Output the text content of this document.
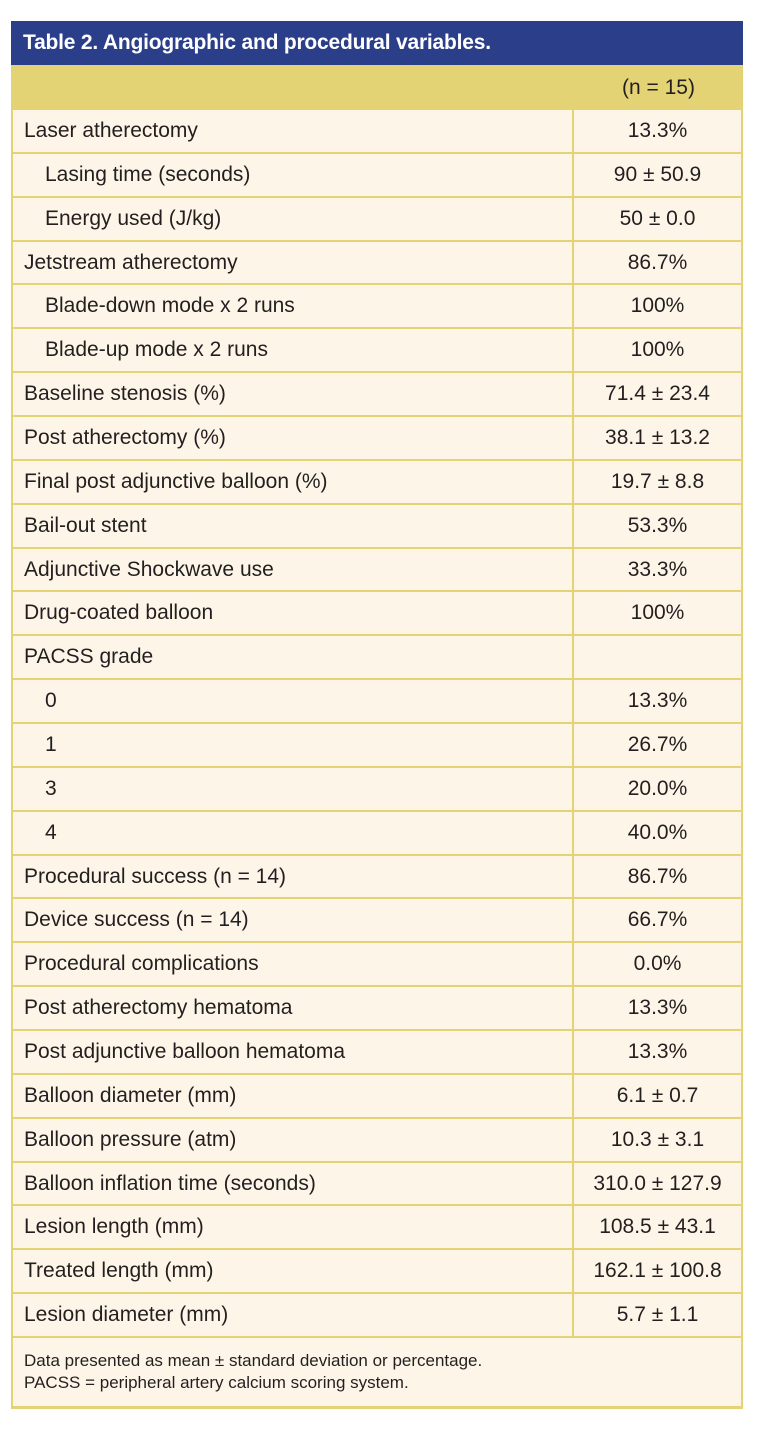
Table 2. Angiographic and procedural variables.
(n = 15)
Laser atherectomy	13.3%
Lasing time (seconds)	90 ± 50.9
Energy used (J/kg)	50 ± 0.0
Jetstream atherectomy	86.7%
Blade-down mode x 2 runs	100%
Blade-up mode x 2 runs	100%
Baseline stenosis (%)	71.4 ± 23.4
Post atherectomy (%)	38.1 ± 13.2
Final post adjunctive balloon (%)	19.7 ± 8.8
Bail-out stent	53.3%
Adjunctive Shockwave use	33.3%
Drug-coated balloon	100%
PACSS grade
0	13.3%
1	26.7%
3	20.0%
4	40.0%
Procedural success (n = 14)	86.7%
Device success (n = 14)	66.7%
Procedural complications	0.0%
Post atherectomy hematoma	13.3%
Post adjunctive balloon hematoma	13.3%
Balloon diameter (mm)	6.1 ± 0.7
Balloon pressure (atm)	10.3 ± 3.1
Balloon inflation time (seconds)	310.0 ± 127.9
Lesion length (mm)	108.5 ± 43.1
Treated length (mm)	162.1 ± 100.8
Lesion diameter (mm)	5.7 ± 1.1
Data presented as mean ± standard deviation or percentage.
PACSS = peripheral artery calcium scoring system.
